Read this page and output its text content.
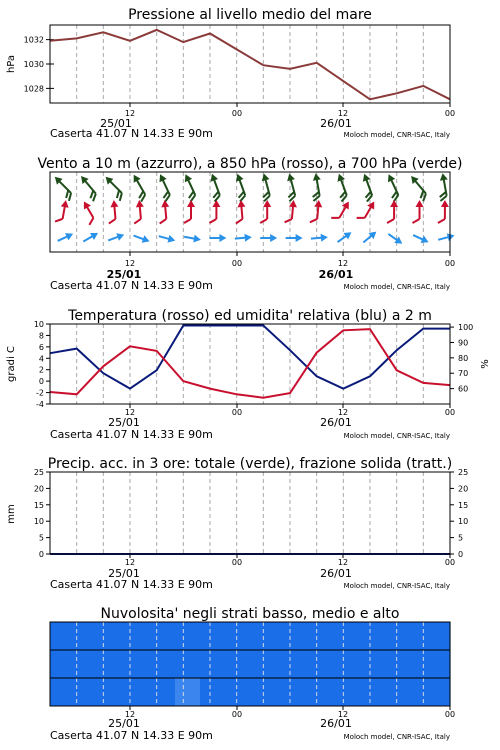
Pressione al livello medio del mare
1028
1030
1032
hPa
12	00	12	00
25/01	26/01
Caserta 41.07 N 14.33 E 90m	Moloch model, CNR-ISAC, Italy
Vento a 10 m (azzurro), a 850 hPa (rosso), a 700 hPa (verde)
12	00	12	00
25/01	26/01
Caserta 41.07 N 14.33 E 90m	Moloch model, CNR-ISAC, Italy
Temperatura (rosso) ed umidita' relativa (blu) a 2 m
-4
-2
0
2
4
6
8
10
60
70
80
90
100
gradi C	%
12	00	12	00
25/01	26/01
Caserta 41.07 N 14.33 E 90m	Moloch model, CNR-ISAC, Italy
Precip. acc. in 3 ore: totale (verde), frazione solida (tratt.)
0
5
10
15
20
25
0
5
10
15
20
25
mm
12	00	12	00
25/01	26/01
Caserta 41.07 N 14.33 E 90m	Moloch model, CNR-ISAC, Italy
Nuvolosita' negli strati basso, medio e alto
12	00	12	00
25/01	26/01
Caserta 41.07 N 14.33 E 90m	Moloch model, CNR-ISAC, Italy
